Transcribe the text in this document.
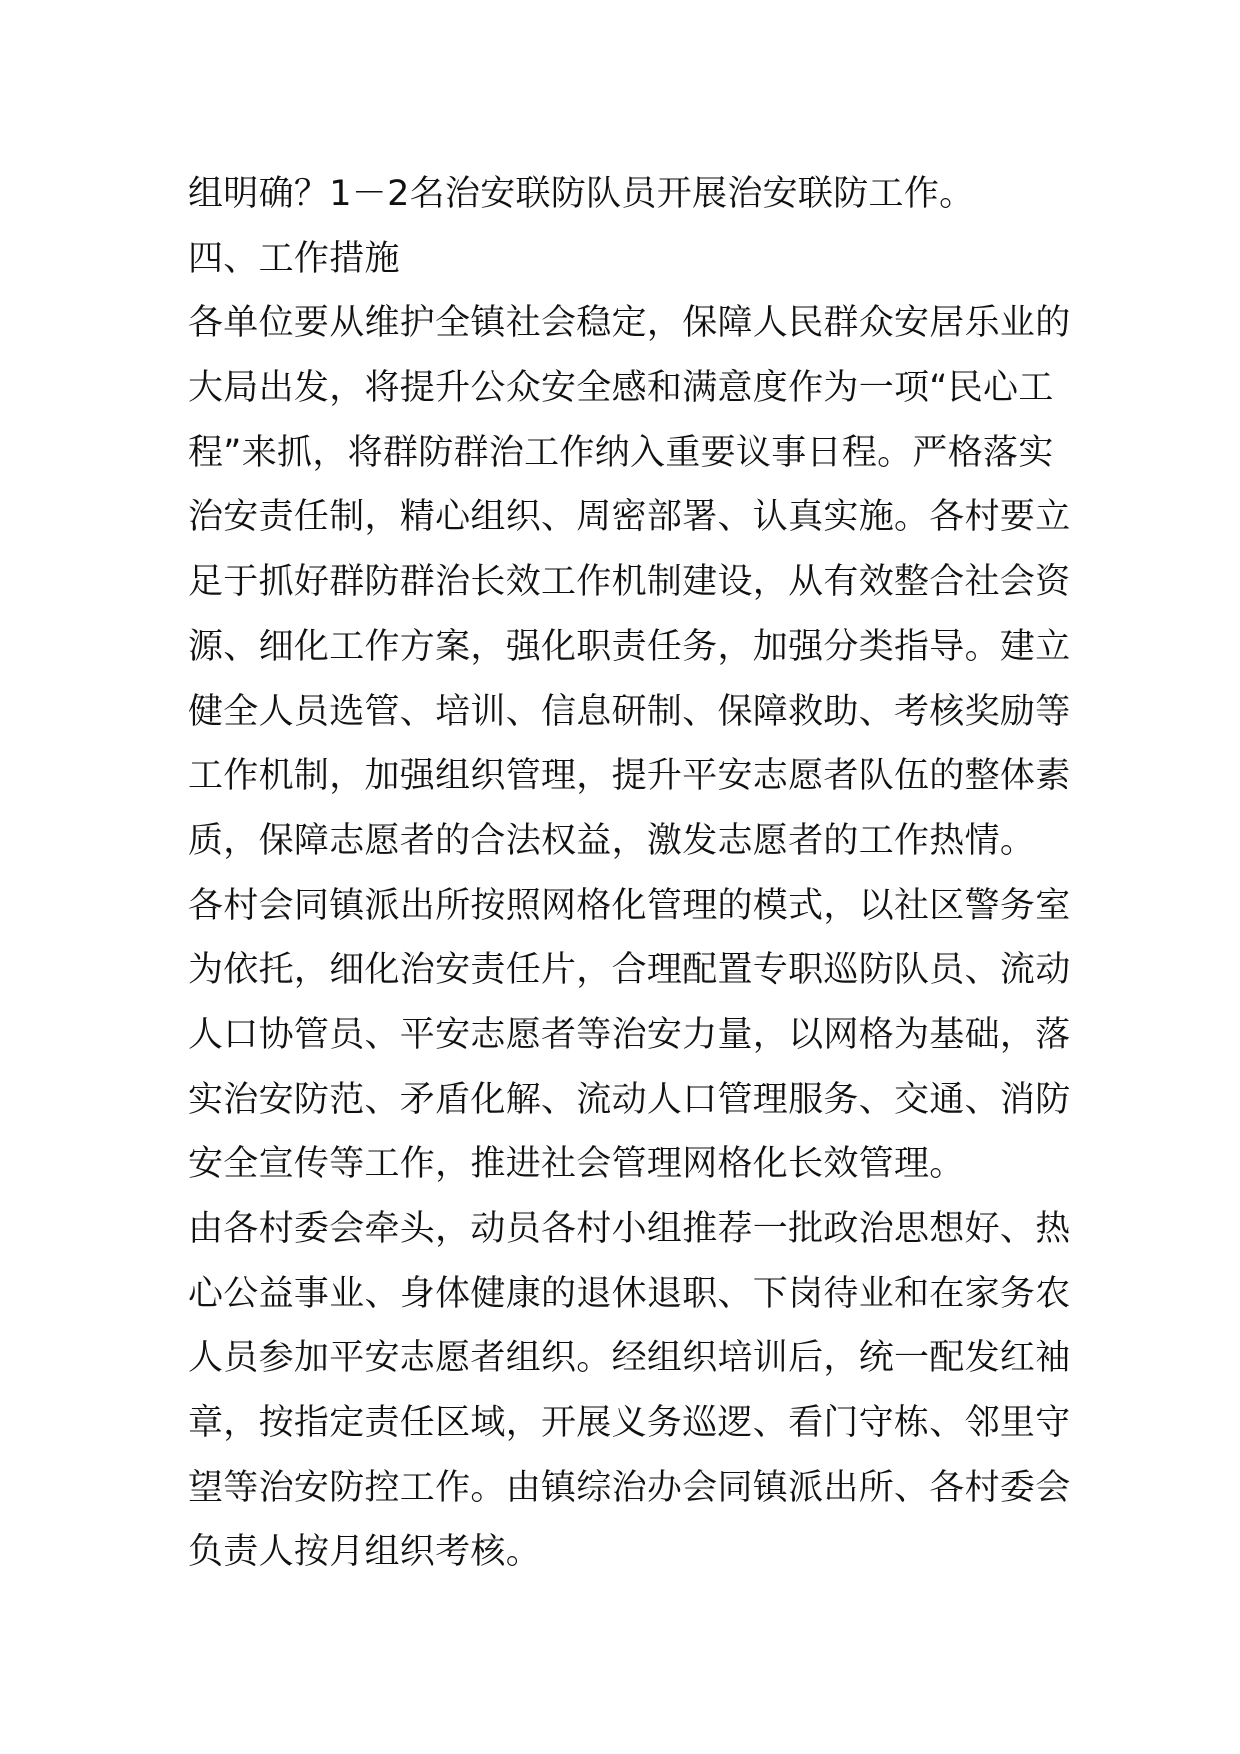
组明确？1－2名治安联防队员开展治安联防工作。
四、工作措施
各单位要从维护全镇社会稳定，保障人民群众安居乐业的
大局出发，将提升公众安全感和满意度作为一项“民心工
程”来抓，将群防群治工作纳入重要议事日程。严格落实
治安责任制，精心组织、周密部署、认真实施。各村要立
足于抓好群防群治长效工作机制建设，从有效整合社会资
源、细化工作方案，强化职责任务，加强分类指导。建立
健全人员选管、培训、信息研制、保障救助、考核奖励等
工作机制，加强组织管理，提升平安志愿者队伍的整体素
质，保障志愿者的合法权益，激发志愿者的工作热情。
各村会同镇派出所按照网格化管理的模式，以社区警务室
为依托，细化治安责任片，合理配置专职巡防队员、流动
人口协管员、平安志愿者等治安力量，以网格为基础，落
实治安防范、矛盾化解、流动人口管理服务、交通、消防
安全宣传等工作，推进社会管理网格化长效管理。
由各村委会牵头，动员各村小组推荐一批政治思想好、热
心公益事业、身体健康的退休退职、下岗待业和在家务农
人员参加平安志愿者组织。经组织培训后，统一配发红袖
章，按指定责任区域，开展义务巡逻、看门守栋、邻里守
望等治安防控工作。由镇综治办会同镇派出所、各村委会
负责人按月组织考核。
